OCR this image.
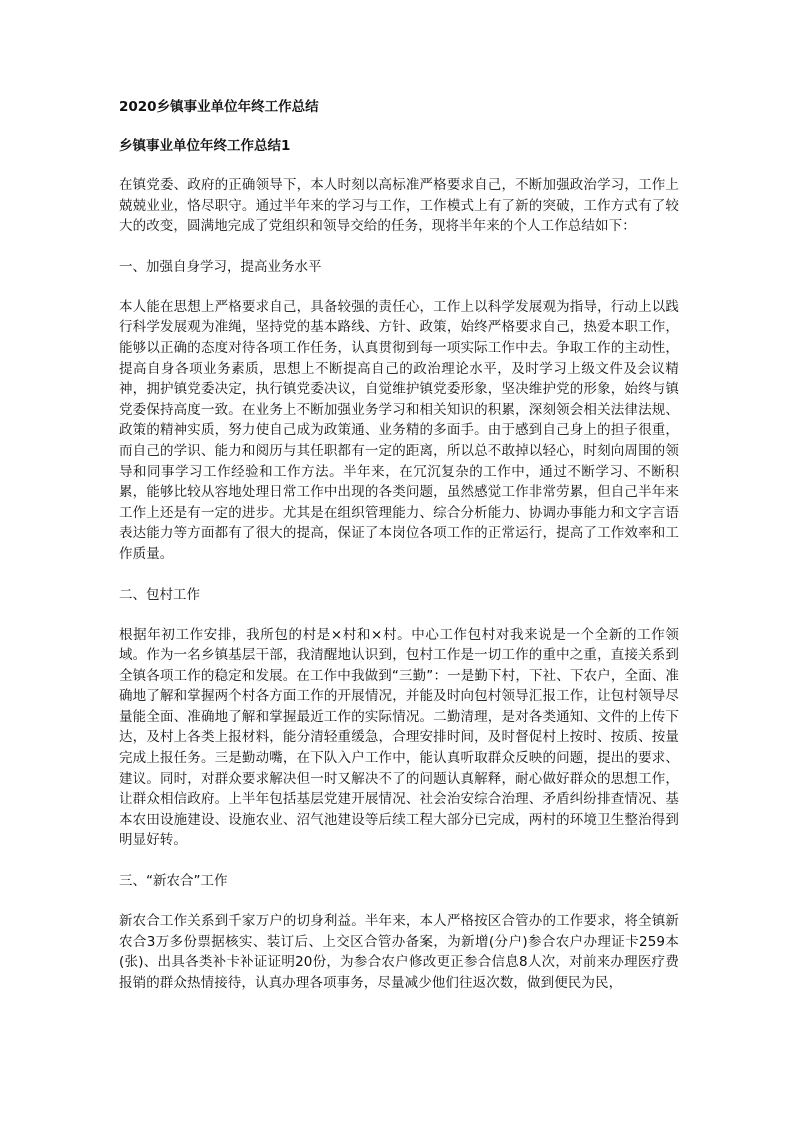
2020乡镇事业单位年终工作总结
乡镇事业单位年终工作总结1

在镇党委、政府的正确领导下，本人时刻以高标准严格要求自己，不断加强政治学习，工作上兢兢业业，恪尽职守。通过半年来的学习与工作，工作模式上有了新的突破，工作方式有了较大的改变，圆满地完成了党组织和领导交给的任务，现将半年来的个人工作总结如下：

一、加强自身学习，提高业务水平

本人能在思想上严格要求自己，具备较强的责任心，工作上以科学发展观为指导，行动上以践行科学发展观为准绳，坚持党的基本路线、方针、政策，始终严格要求自己，热爱本职工作，能够以正确的态度对待各项工作任务，认真贯彻到每一项实际工作中去。争取工作的主动性，提高自身各项业务素质，思想上不断提高自己的政治理论水平，及时学习上级文件及会议精神，拥护镇党委决定，执行镇党委决议，自觉维护镇党委形象，坚决维护党的形象，始终与镇党委保持高度一致。在业务上不断加强业务学习和相关知识的积累，深刻领会相关法律法规、政策的精神实质，努力使自己成为政策通、业务精的多面手。由于感到自己身上的担子很重，而自己的学识、能力和阅历与其任职都有一定的距离，所以总不敢掉以轻心，时刻向周围的领导和同事学习工作经验和工作方法。半年来，在冗沉复杂的工作中，通过不断学习、不断积累，能够比较从容地处理日常工作中出现的各类问题，虽然感觉工作非常劳累，但自己半年来工作上还是有一定的进步。尤其是在组织管理能力、综合分析能力、协调办事能力和文字言语表达能力等方面都有了很大的提高，保证了本岗位各项工作的正常运行，提高了工作效率和工作质量。

二、包村工作

根据年初工作安排，我所包的村是×村和×村。中心工作包村对我来说是一个全新的工作领域。作为一名乡镇基层干部，我清醒地认识到，包村工作是一切工作的重中之重，直接关系到全镇各项工作的稳定和发展。在工作中我做到“三勤”：一是勤下村，下社、下农户，全面、准确地了解和掌握两个村各方面工作的开展情况，并能及时向包村领导汇报工作，让包村领导尽量能全面、准确地了解和掌握最近工作的实际情况。二勤清理，是对各类通知、文件的上传下达，及村上各类上报材料，能分清轻重缓急，合理安排时间，及时督促村上按时、按质、按量完成上报任务。三是勤动嘴，在下队入户工作中，能认真听取群众反映的问题，提出的要求、建议。同时，对群众要求解决但一时又解决不了的问题认真解释，耐心做好群众的思想工作，让群众相信政府。上半年包括基层党建开展情况、社会治安综合治理、矛盾纠纷排查情况、基本农田设施建设、设施农业、沼气池建设等后续工程大部分已完成，两村的环境卫生整治得到明显好转。

三、“新农合”工作

新农合工作关系到千家万户的切身利益。半年来，本人严格按区合管办的工作要求，将全镇新农合3万多份票据核实、装订后、上交区合管办备案，为新增(分户)参合农户办理证卡259本(张)、出具各类补卡补证证明20份，为参合农户修改更正参合信息8人次，对前来办理医疗费报销的群众热情接待，认真办理各项事务，尽量减少他们往返次数，做到便民为民，
